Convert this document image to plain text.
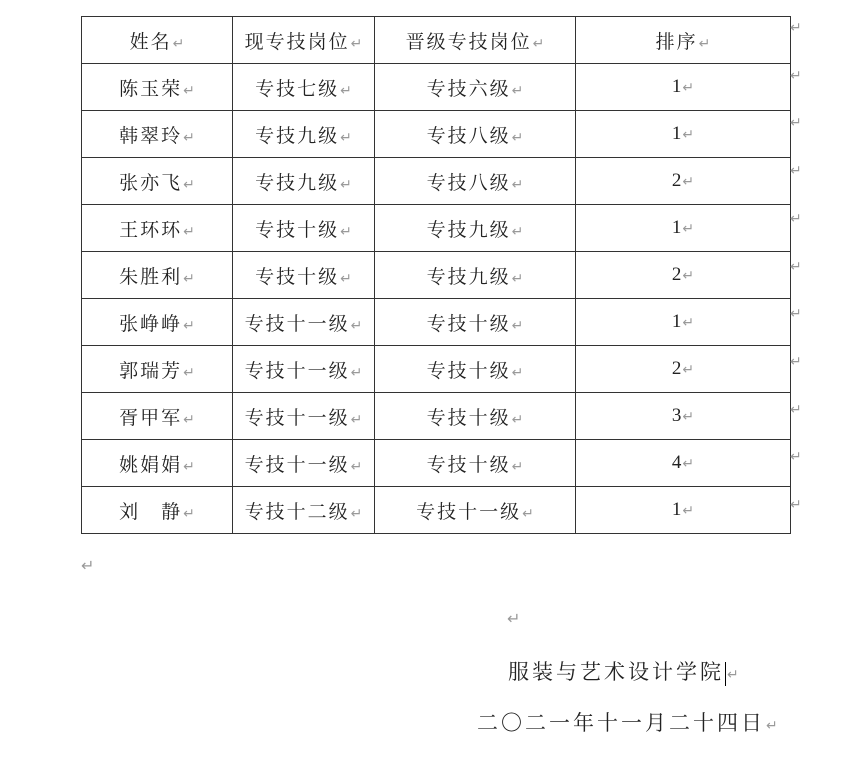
姓名↵	现专技岗位↵	晋级专技岗位↵	排序↵
陈玉荣↵	专技七级↵	专技六级↵	1↵
韩翠玲↵	专技九级↵	专技八级↵	1↵
张亦飞↵	专技九级↵	专技八级↵	2↵
王环环↵	专技十级↵	专技九级↵	1↵
朱胜利↵	专技十级↵	专技九级↵	2↵
张峥峥↵	专技十一级↵	专技十级↵	1↵
郭瑞芳↵	专技十一级↵	专技十级↵	2↵
胥甲军↵	专技十一级↵	专技十级↵	3↵
姚娟娟↵	专技十一级↵	专技十级↵	4↵
刘　静↵	专技十二级↵	专技十一级↵	1↵
↵
↵
↵
↵
↵
↵
↵
↵
↵
↵
↵
↵
↵
服装与艺术设计学院 ↵
二〇二一年十一月二十四日↵
